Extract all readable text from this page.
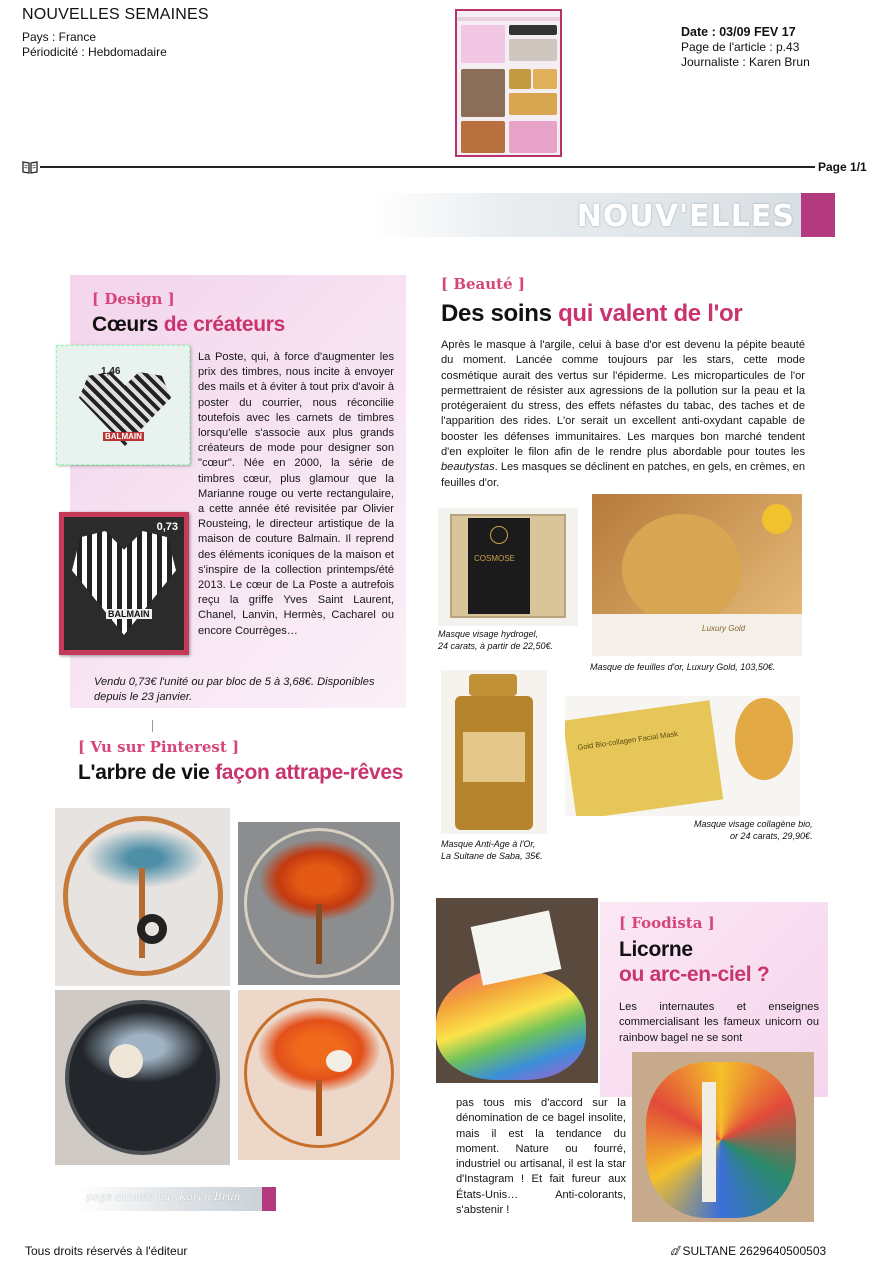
NOUVELLES SEMAINES
Pays : France
Périodicité : Hebdomadaire
Date : 03/09 FEV 17
Page de l'article : p.43
Journaliste : Karen Brun
Page 1/1
NOUV'ELLES
[ Design ]
Cœurs de créateurs
1,46
BALMAIN
0,73
BALMAIN
La Poste, qui, à force d'augmenter les prix des timbres, nous incite à envoyer des mails et à éviter à tout prix d'avoir à poster du courrier, nous réconcilie toutefois avec les carnets de timbres lorsqu'elle s'associe aux plus grands créateurs de mode pour designer son "cœur". Née en 2000, la série de timbres cœur, plus glamour que la Marianne rouge ou verte rectangulaire, a cette année été revisitée par Olivier Rousteing, le directeur artistique de la maison de couture Balmain. Il reprend des éléments iconiques de la maison et s'inspire de la collection printemps/été 2013. Le cœur de La Poste a autrefois reçu la griffe Yves Saint Laurent, Chanel, Lanvin, Hermès, Cacharel ou encore Courrèges…
Vendu 0,73€ l'unité ou par bloc de 5 à 3,68€. Disponibles depuis le 23 janvier.
[ Beauté ]
Des soins qui valent de l'or
Après le masque à l'argile, celui à base d'or est devenu la pépite beauté du moment. Lancée comme toujours par les stars, cette mode cosmétique aurait des vertus sur l'épiderme. Les microparticules de l'or permettraient de résister aux agressions de la pollution sur la peau et la protégeraient du stress, des effets néfastes du tabac, des taches et de l'apparition des rides. L'or serait un excellent anti-oxydant capable de booster les défenses immunitaires. Les marques bon marché tendent d'en exploiter le filon afin de le rendre plus abordable pour toutes les beautystas. Les masques se déclinent en patches, en gels, en crèmes, en feuilles d'or.
COSMOSE
Masque visage hydrogel,
24 carats, à partir de 22,50€.
Luxury Gold
Masque de feuilles d'or, Luxury Gold, 103,50€.
Masque Anti-Age à l'Or,
La Sultane de Saba, 35€.
Gold Bio-collagen Facial Mask
Masque visage collagène bio,
or 24 carats, 29,90€.
[ Vu sur Pinterest ]
L'arbre de vie façon attrape-rêves
page animée par Karen Brun
[ Foodista ]
Licorne
ou arc-en-ciel ?
Les internautes et enseignes commercialisant les fameux unicorn ou rainbow bagel ne se sont
pas tous mis d'accord sur la dénomination de ce bagel insolite, mais il est la tendance du moment. Nature ou fourré, industriel ou artisanal, il est la star d'Instagram ! Et fait fureur aux États-Unis… Anti-colorants, s'abstenir !
Tous droits réservés à l'éditeur	ⅆ SULTANE 2629640500503
